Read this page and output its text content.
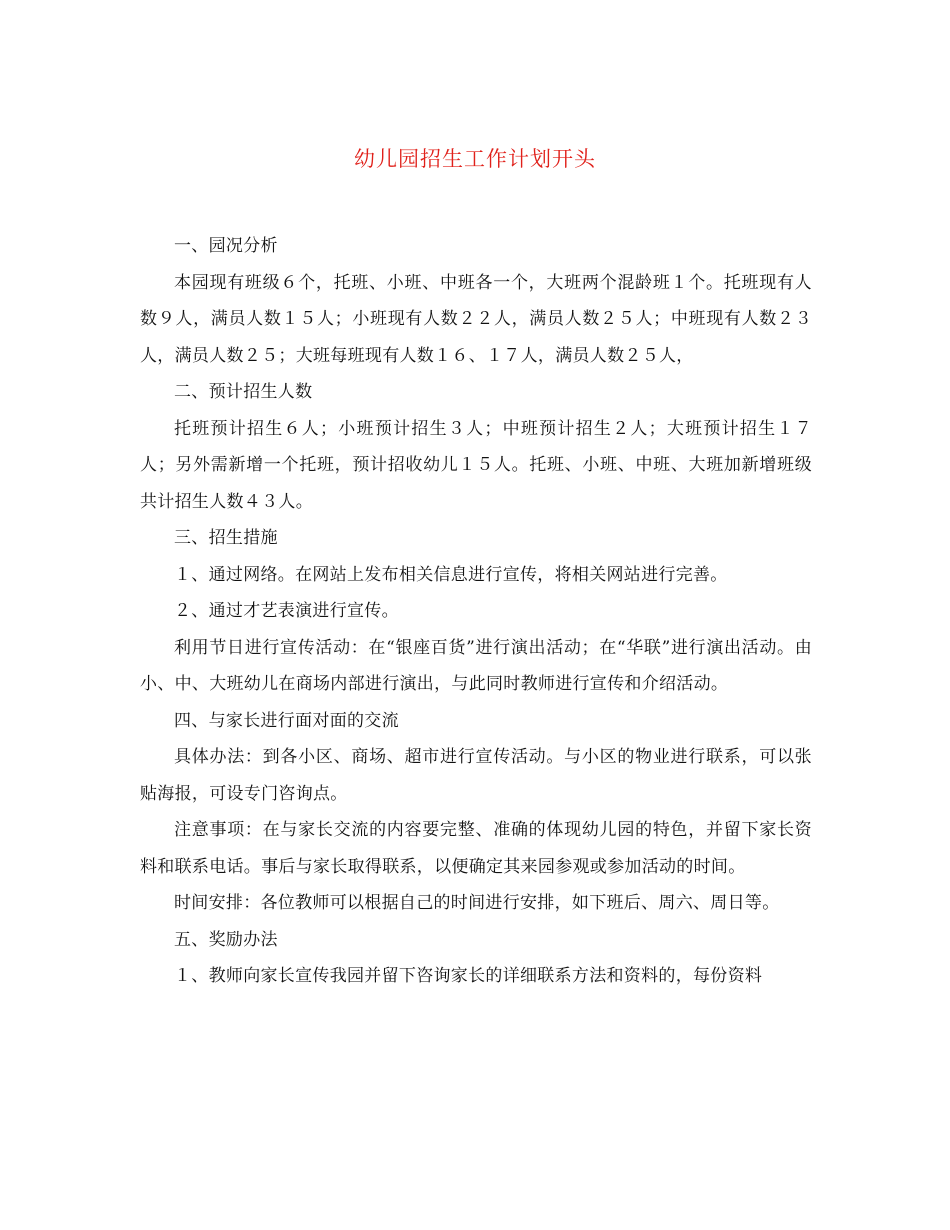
幼儿园招生工作计划开头

一、园况分析

本园现有班级６个，托班、小班、中班各一个，大班两个混龄班１个。托班现有人数９人，满员人数１５人；小班现有人数２２人，满员人数２５人；中班现有人数２３人，满员人数２５；大班每班现有人数１６、１７人，满员人数２５人，

二、预计招生人数

托班预计招生６人；小班预计招生３人；中班预计招生２人；大班预计招生１７人；另外需新增一个托班，预计招收幼儿１５人。托班、小班、中班、大班加新增班级共计招生人数４３人。

三、招生措施

１、通过网络。在网站上发布相关信息进行宣传，将相关网站进行完善。

２、通过才艺表演进行宣传。

利用节日进行宣传活动：在“银座百货”进行演出活动；在“华联”进行演出活动。由小、中、大班幼儿在商场内部进行演出，与此同时教师进行宣传和介绍活动。

四、与家长进行面对面的交流

具体办法：到各小区、商场、超市进行宣传活动。与小区的物业进行联系，可以张贴海报，可设专门咨询点。

注意事项：在与家长交流的内容要完整、准确的体现幼儿园的特色，并留下家长资料和联系电话。事后与家长取得联系，以便确定其来园参观或参加活动的时间。

时间安排：各位教师可以根据自己的时间进行安排，如下班后、周六、周日等。

五、奖励办法

１、教师向家长宣传我园并留下咨询家长的详细联系方法和资料的，每份资料
